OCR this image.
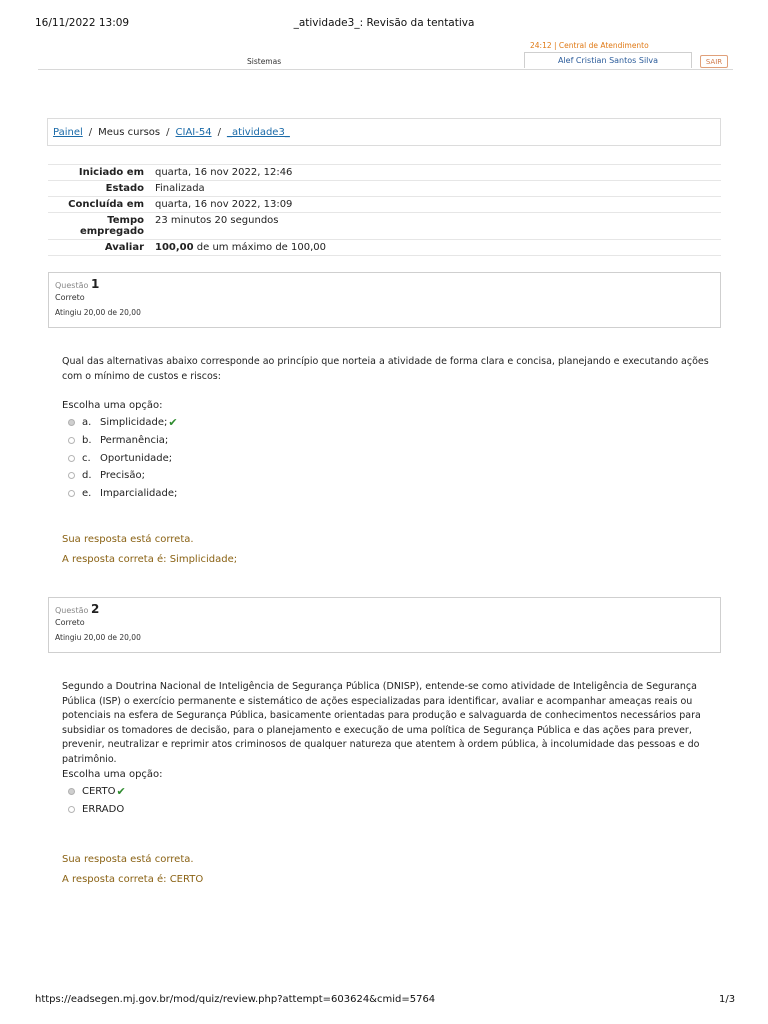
16/11/2022 13:09	_atividade3_: Revisão da tentativa
24:12 | Central de Atendimento
Sistemas	Alef Cristian Santos Silva	SAIR
Painel / Meus cursos / CIAI-54 / _atividade3_
Iniciado em	quarta, 16 nov 2022, 12:46
Estado	Finalizada
Concluída em	quarta, 16 nov 2022, 13:09
Tempo empregado	23 minutos 20 segundos
Avaliar	100,00 de um máximo de 100,00
Questão 1
Correto
Atingiu 20,00 de 20,00
Qual das alternativas abaixo corresponde ao princípio que norteia a atividade de forma clara e concisa, planejando e executando ações com o mínimo de custos e riscos:
Escolha uma opção:
a. Simplicidade; ✔
b. Permanência;
c. Oportunidade;
d. Precisão;
e. Imparcialidade;
Sua resposta está correta.
A resposta correta é: Simplicidade;
Questão 2
Correto
Atingiu 20,00 de 20,00
Segundo a Doutrina Nacional de Inteligência de Segurança Pública (DNISP), entende-se como atividade de Inteligência de Segurança Pública (ISP) o exercício permanente e sistemático de ações especializadas para identificar, avaliar e acompanhar ameaças reais ou potenciais na esfera de Segurança Pública, basicamente orientadas para produção e salvaguarda de conhecimentos necessários para subsidiar os tomadores de decisão, para o planejamento e execução de uma política de Segurança Pública e das ações para prever, prevenir, neutralizar e reprimir atos criminosos de qualquer natureza que atentem à ordem pública, à incolumidade das pessoas e do patrimônio.
Escolha uma opção:
CERTO ✔
ERRADO
Sua resposta está correta.
A resposta correta é: CERTO
https://eadsegen.mj.gov.br/mod/quiz/review.php?attempt=603624&cmid=5764	1/3
